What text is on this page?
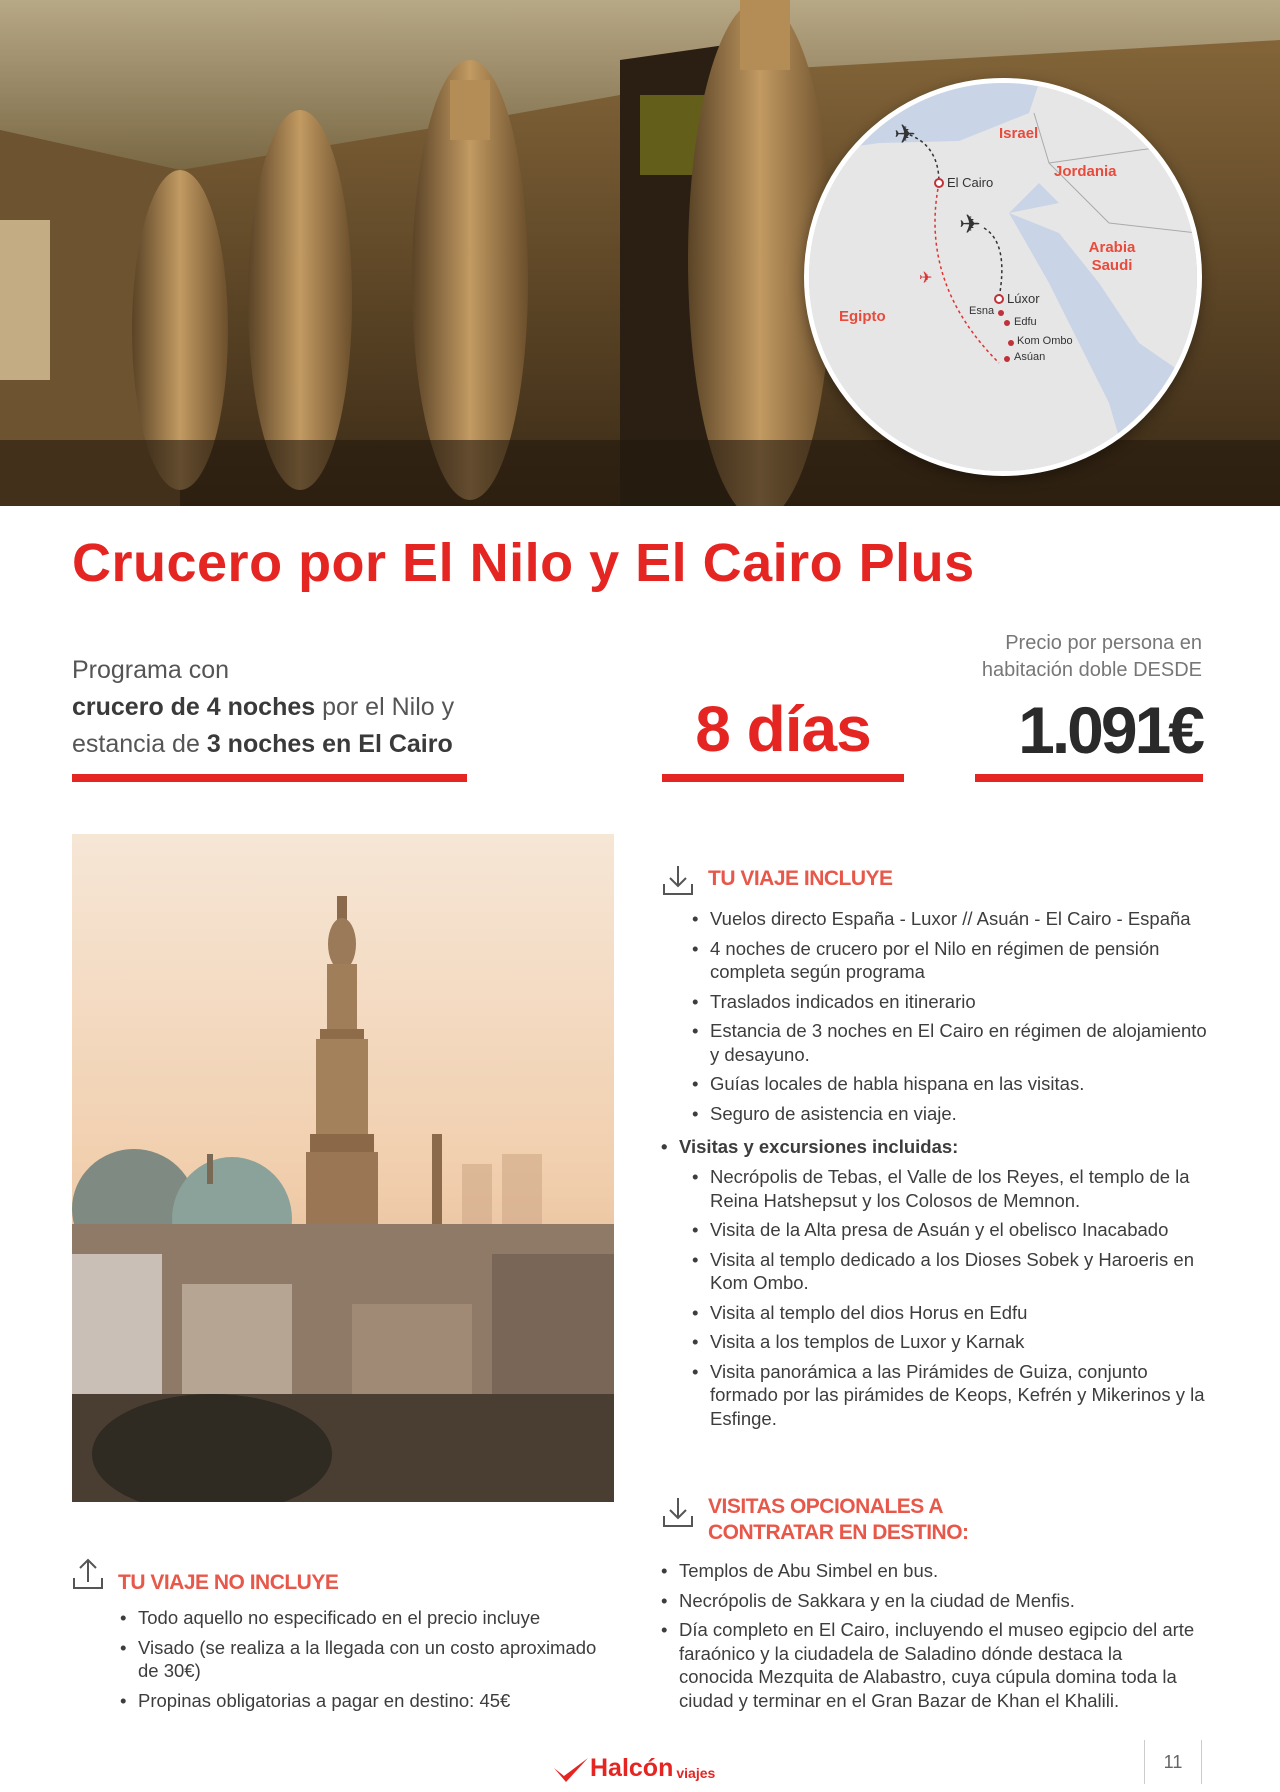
✈
✈
✈
Israel
Jordania
Arabia Saudi
Egipto
El Cairo
Lúxor
Esna
Edfu
Kom Ombo
Asúan
Crucero por El Nilo y El Cairo Plus
Programa con
crucero de 4 noches por el Nilo y
estancia de 3 noches en El Cairo	8 días
Precio por persona en habitación doble DESDE
1.091€
TU VIAJE INCLUYE
• Vuelos directo España - Luxor // Asuán - El Cairo - España
• 4 noches de crucero por el Nilo en régimen de pensión completa según programa
• Traslados indicados en itinerario
• Estancia de 3 noches en El Cairo en régimen de alojamiento y desayuno.
• Guías locales de habla hispana en las visitas.
• Seguro de asistencia en viaje.
• Visitas y excursiones incluidas:
• Necrópolis de Tebas, el Valle de los Reyes, el templo de la Reina Hatshepsut y los Colosos de Memnon.
• Visita de la Alta presa de Asuán y el obelisco Inacabado
• Visita al templo dedicado a los Dioses Sobek y Haroeris en Kom Ombo.
• Visita al templo del dios Horus en Edfu
• Visita a los templos de Luxor y Karnak
• Visita panorámica a las Pirámides de Guiza, conjunto formado por las pirámides de Keops, Kefrén y Mikerinos y la Esfinge.
VISITAS OPCIONALES A
CONTRATAR EN DESTINO:
• Templos de Abu Simbel en bus.
• Necrópolis de Sakkara y en la ciudad de Menfis.
• Día completo en El Cairo, incluyendo el museo egipcio del arte faraónico y la ciudadela de Saladino dónde destaca la conocida Mezquita de Alabastro, cuya cúpula domina toda la ciudad y terminar en el Gran Bazar de Khan el Khalili.
TU VIAJE NO INCLUYE
• Todo aquello no especificado en el precio incluye
• Visado (se realiza a la llegada con un costo aproximado de 30€)
• Propinas obligatorias a pagar en destino: 45€
Halcón viajes
11
